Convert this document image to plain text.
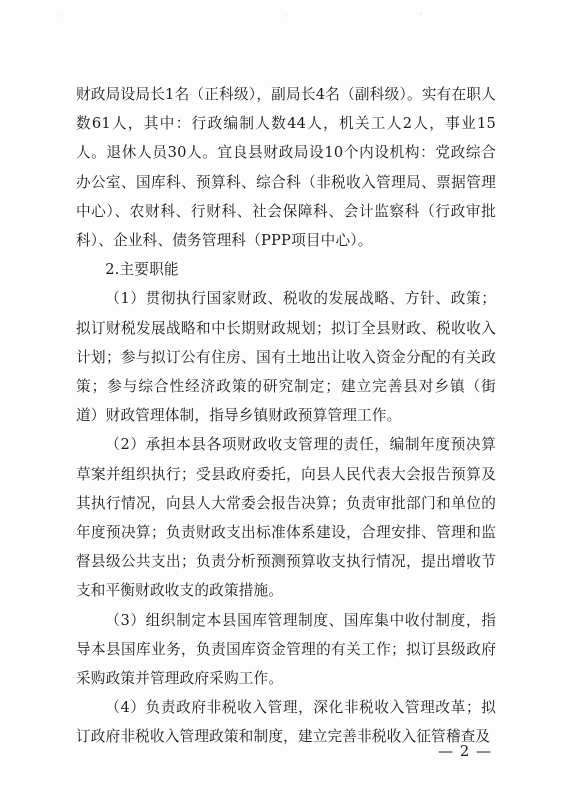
˙	˙	˙

财政局设局长1名（正科级），副局长4名（副科级）。实有在职人数61人，其中：行政编制人数44人，机关工人2人，事业15人。退休人员30人。宜良县财政局设10个内设机构：党政综合办公室、国库科、预算科、综合科（非税收入管理局、票据管理中心）、农财科、行财科、社会保障科、会计监察科（行政审批科）、企业科、债务管理科（PPP项目中心）。

2.主要职能

（1）贯彻执行国家财政、税收的发展战略、方针、政策；拟订财税发展战略和中长期财政规划；拟订全县财政、税收收入计划；参与拟订公有住房、国有土地出让收入资金分配的有关政策；参与综合性经济政策的研究制定；建立完善县对乡镇（街道）财政管理体制，指导乡镇财政预算管理工作。

（2）承担本县各项财政收支管理的责任，编制年度预决算草案并组织执行；受县政府委托，向县人民代表大会报告预算及其执行情况，向县人大常委会报告决算；负责审批部门和单位的年度预决算；负责财政支出标准体系建设，合理安排、管理和监督县级公共支出；负责分析预测预算收支执行情况，提出增收节支和平衡财政收支的政策措施。

（3）组织制定本县国库管理制度、国库集中收付制度，指导本县国库业务，负责国库资金管理的有关工作；拟订县级政府采购政策并管理政府采购工作。

（4）负责政府非税收入管理，深化非税收入管理改革；拟订政府非税收入管理政策和制度，建立完善非税收入征管稽查及

— 2 —
